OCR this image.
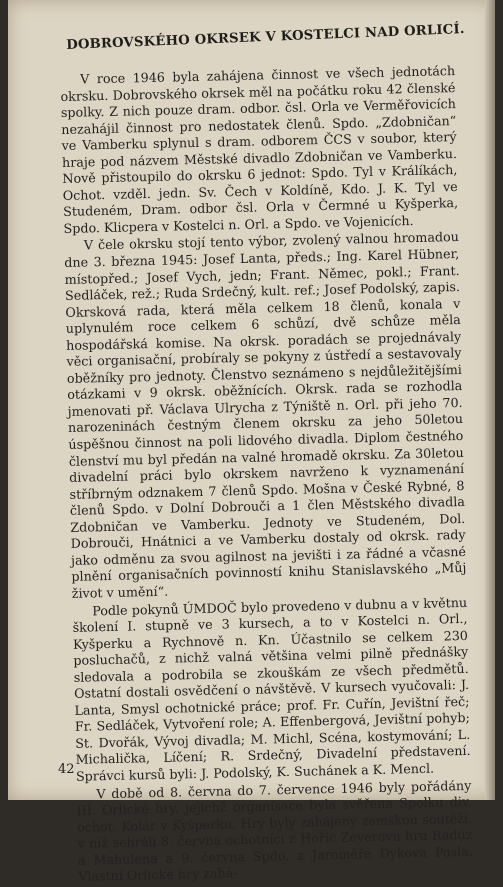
DOBROVSKÉHO OKRSEK V KOSTELCI NAD ORLICÍ.

V roce 1946 byla zahájena činnost ve všech jednotách okrsku. Dobrovského okrsek měl na počátku roku 42 členské spolky. Z nich pouze dram. odbor. čsl. Orla ve Verměřovicích nezahájil činnost pro nedostatek členů. Spdo. „Zdobničan“ ve Vamberku splynul s dram. odborem ČCS v soubor, který hraje pod názvem Městské divadlo Zdobničan ve Vamberku. Nově přistoupilo do okrsku 6 jednot: Spdo. Tyl v Králíkách, Ochot. vzděl. jedn. Sv. Čech v Koldíně, Kdo. J. K. Tyl ve Studeném, Dram. odbor čsl. Orla v Čermné u Kyšperka, Spdo. Klicpera v Kostelci n. Orl. a Spdo. ve Vojenicích.

V čele okrsku stojí tento výbor, zvolený valnou hromadou dne 3. března 1945: Josef Lanta, předs.; Ing. Karel Hübner, místopřed.; Josef Vych, jedn; Frant. Němec, pokl.; Frant. Sedláček, rež.; Ruda Srdečný, kult. ref.; Josef Podolský, zapis. Okrsková rada, která měla celkem 18 členů, konala v uplynulém roce celkem 6 schůzí, dvě schůze měla hospodářská komise. Na okrsk. poradách se projednávaly věci organisační, probíraly se pokyny z ústředí a sestavovaly oběžníky pro jednoty. Členstvo seznámeno s nejdůležitějšími otázkami v 9 okrsk. oběžnících. Okrsk. rada se rozhodla jmenovati př. Václava Ulrycha z Týniště n. Orl. při jeho 70. narozeninách čestným členem okrsku za jeho 50letou úspěšnou činnost na poli lidového divadla. Diplom čestného členství mu byl předán na valné hromadě okrsku. Za 30letou divadelní práci bylo okrskem navrženo k vyznamenání stříbrným odznakem 7 členů Spdo. Mošna v České Rybné, 8 členů Spdo. v Dolní Dobrouči a 1 člen Městského divadla Zdobničan ve Vamberku. Jednoty ve Studeném, Dol. Dobrouči, Hnátnici a ve Vamberku dostaly od okrsk. rady jako odměnu za svou agilnost na jevišti i za řádné a včasné plnění organisačních povinností knihu Stanislavského „Můj život v umění“.

Podle pokynů ÚMDOČ bylo provedeno v dubnu a v květnu školení I. stupně ve 3 kursech, a to v Kostelci n. Orl., Kyšperku a Rychnově n. Kn. Účastnilo se celkem 230 posluchačů, z nichž valná většina velmi pilně přednášky sledovala a podrobila se zkouškám ze všech předmětů. Ostatní dostali osvědčení o návštěvě. V kursech vyučovali: J. Lanta, Smysl ochotnické práce; prof. Fr. Cuřín, Jevištní řeč; Fr. Sedláček, Vytvoření role; A. Effenbergová, Jevištní pohyb; St. Dvořák, Vývoj divadla; M. Michl, Scéna, kostymování; L. Michalička, Líčení; R. Srdečný, Divadelní představení. Správci kursů byli: J. Podolský, K. Suchánek a K. Mencl.

V době od 8. června do 7. července 1946 byly pořádány III. Orlické hry, jejichž organisace byla svěřena Spolku div. ochot. Kolár v Kyšperku. Hry byly zahájeny zemskou soutěží, v níž sehráli 8. června ochotníci z Hořic Zeyerovu hru Radúz a Mahulena a 9. června Spdo. z Jaroměře Dykova Posla. Vlastní Orlické hry zahá-

42
